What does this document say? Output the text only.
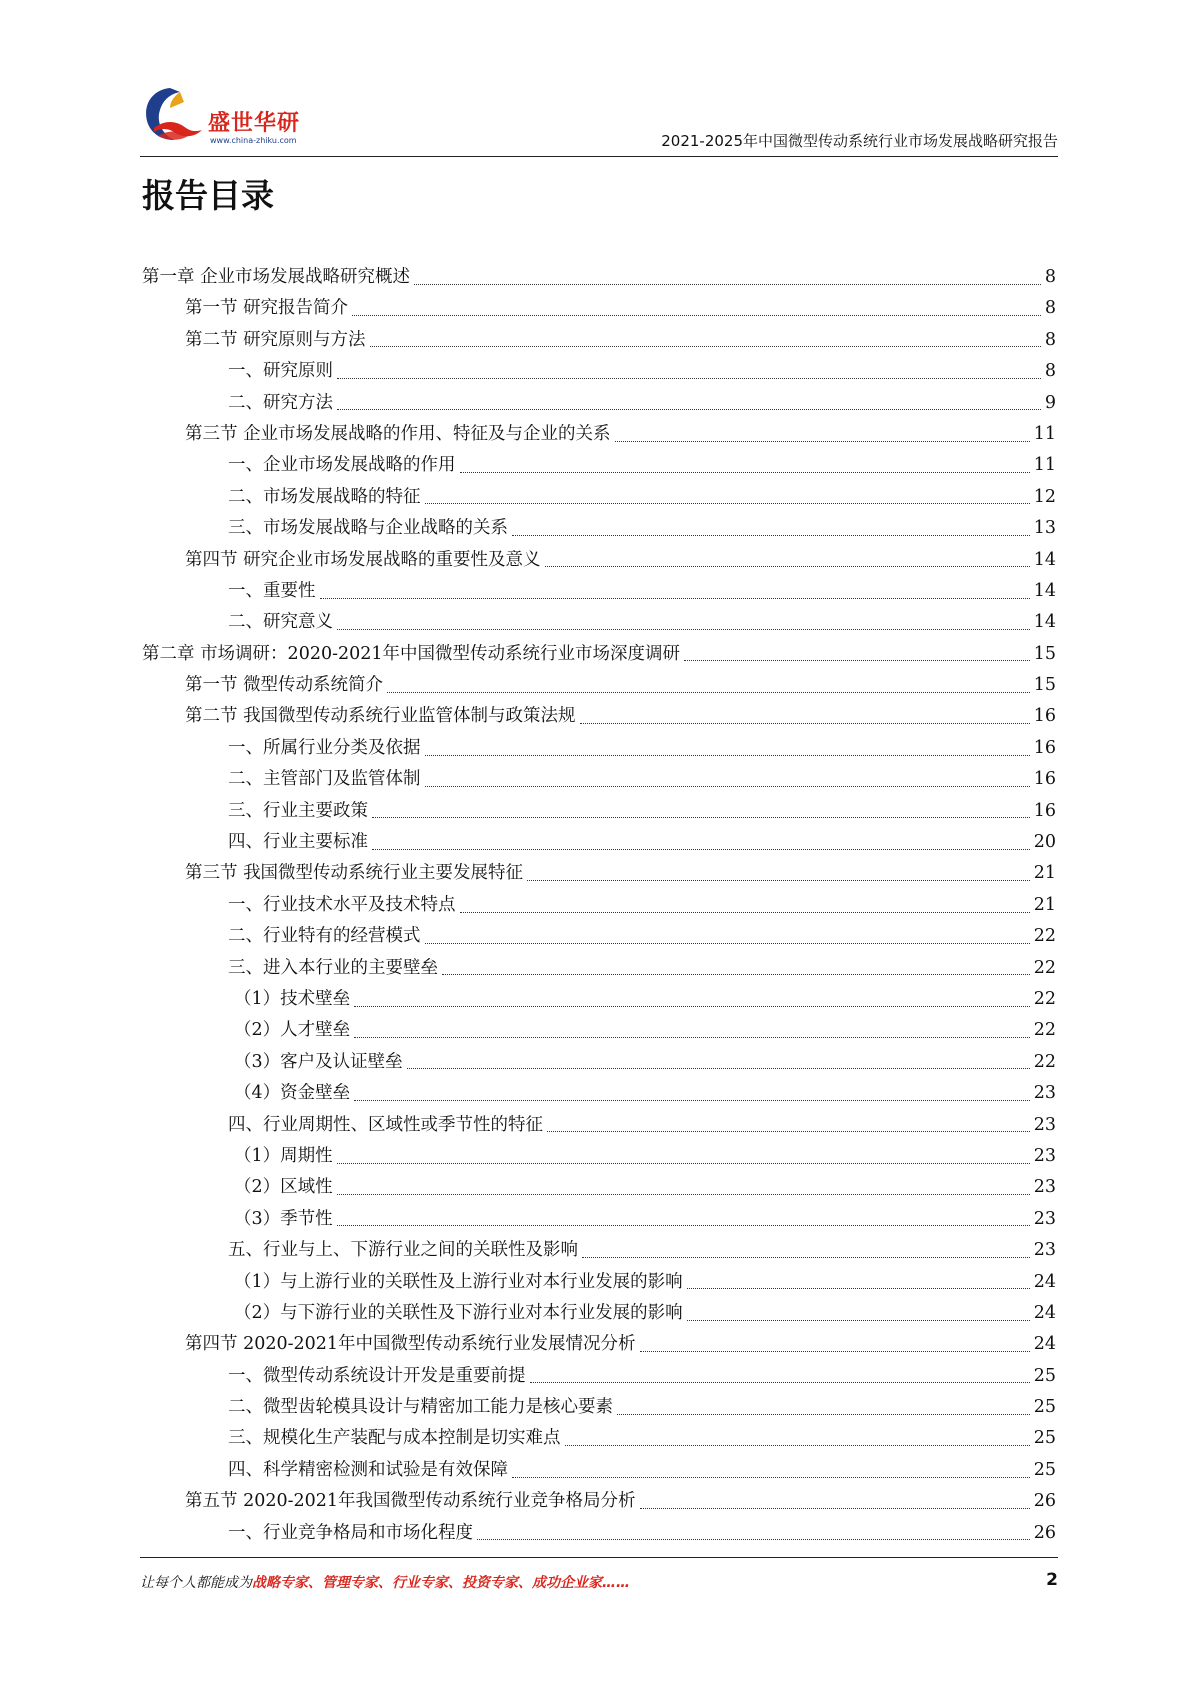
盛世华研
www.china-zhiku.com	2021-2025年中国微型传动系统行业市场发展战略研究报告
报告目录
第一章 企业市场发展战略研究概述	8
第一节 研究报告简介	8
第二节 研究原则与方法	8
一、研究原则	8
二、研究方法	9
第三节 企业市场发展战略的作用、特征及与企业的关系	11
一、企业市场发展战略的作用	11
二、市场发展战略的特征	12
三、市场发展战略与企业战略的关系	13
第四节 研究企业市场发展战略的重要性及意义	14
一、重要性	14
二、研究意义	14
第二章 市场调研：2020-2021年中国微型传动系统行业市场深度调研	15
第一节 微型传动系统简介	15
第二节 我国微型传动系统行业监管体制与政策法规	16
一、所属行业分类及依据	16
二、主管部门及监管体制	16
三、行业主要政策	16
四、行业主要标准	20
第三节 我国微型传动系统行业主要发展特征	21
一、行业技术水平及技术特点	21
二、行业特有的经营模式	22
三、进入本行业的主要壁垒	22
（1）技术壁垒	22
（2）人才壁垒	22
（3）客户及认证壁垒	22
（4）资金壁垒	23
四、行业周期性、区域性或季节性的特征	23
（1）周期性	23
（2）区域性	23
（3）季节性	23
五、行业与上、下游行业之间的关联性及影响	23
（1）与上游行业的关联性及上游行业对本行业发展的影响	24
（2）与下游行业的关联性及下游行业对本行业发展的影响	24
第四节 2020-2021年中国微型传动系统行业发展情况分析	24
一、微型传动系统设计开发是重要前提	25
二、微型齿轮模具设计与精密加工能力是核心要素	25
三、规模化生产装配与成本控制是切实难点	25
四、科学精密检测和试验是有效保障	25
第五节 2020-2021年我国微型传动系统行业竞争格局分析	26
一、行业竞争格局和市场化程度	26
让每个人都能成为战略专家、管理专家、行业专家、投资专家、成功企业家……	2
